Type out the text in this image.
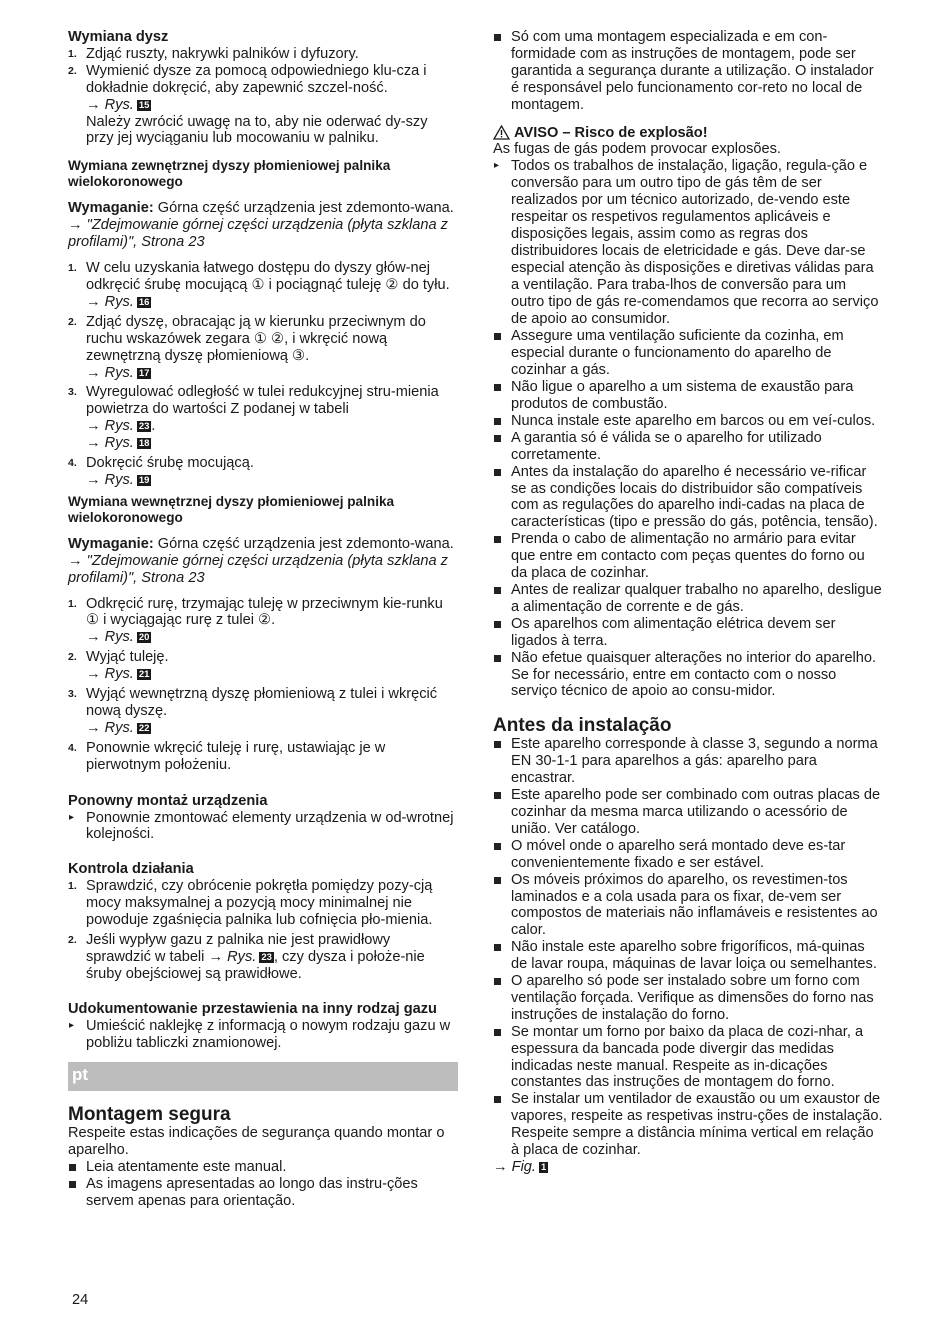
Wymiana dysz

1. Zdjąć ruszty, nakrywki palników i dyfuzory.
2. Wymienić dysze za pomocą odpowiedniego klu-cza i dokładnie dokręcić, aby zapewnić szczel-ność.
→ Rys. 15
Należy zwrócić uwagę na to, aby nie oderwać dy-szy przy jej wyciąganiu lub mocowaniu w palniku.

Wymiana zewnętrznej dyszy płomieniowej palnika wielokoronowego

Wymaganie: Górna część urządzenia jest zdemonto-wana. → "Zdejmowanie górnej części urządzenia (płyta szklana z profilami)", Strona 23

1. W celu uzyskania łatwego dostępu do dyszy głów-nej odkręcić śrubę mocującą ① i pociągnąć tuleję ② do tyłu.
→ Rys. 16
2. Zdjąć dyszę, obracając ją w kierunku przeciwnym do ruchu wskazówek zegara ① ②, i wkręcić nową zewnętrzną dyszę płomieniową ③.
→ Rys. 17
3. Wyregulować odległość w tulei redukcyjnej stru-mienia powietrza do wartości Z podanej w tabeli
→ Rys. 23 .
→ Rys. 18
4. Dokręcić śrubę mocującą.
→ Rys. 19

Wymiana wewnętrznej dyszy płomieniowej palnika wielokoronowego

Wymaganie: Górna część urządzenia jest zdemonto-wana. → "Zdejmowanie górnej części urządzenia (płyta szklana z profilami)", Strona 23

1. Odkręcić rurę, trzymając tuleję w przeciwnym kie-runku ① i wyciągając rurę z tulei ②.
→ Rys. 20
2. Wyjąć tuleję.
→ Rys. 21
3. Wyjąć wewnętrzną dyszę płomieniową z tulei i wkręcić nową dyszę.
→ Rys. 22
4. Ponownie wkręcić tuleję i rurę, ustawiając je w pierwotnym położeniu.

Ponowny montaż urządzenia

▸ Ponownie zmontować elementy urządzenia w od-wrotnej kolejności.

Kontrola działania

1. Sprawdzić, czy obrócenie pokrętła pomiędzy pozy-cją mocy maksymalnej a pozycją mocy minimalnej nie powoduje zgaśnięcia palnika lub cofnięcia pło-mienia.
2. Jeśli wypływ gazu z palnika nie jest prawidłowy sprawdzić w tabeli → Rys. 23 , czy dysza i położe-nie śruby obejściowej są prawidłowe.

Udokumentowanie przestawienia na inny rodzaj gazu

▸ Umieścić naklejkę z informacją o nowym rodzaju gazu w pobliżu tabliczki znamionowej.
pt

Montagem segura

Respeite estas indicações de segurança quando montar o aparelho.

Leia atentamente este manual.
As imagens apresentadas ao longo das instru-ções servem apenas para orientação.
Só com uma montagem especializada e em con-formidade com as instruções de montagem, pode ser garantida a segurança durante a utilização. O instalador é responsável pelo funcionamento cor-reto no local de montagem.

AVISO – Risco de explosão!

As fugas de gás podem provocar explosões.

▸ Todos os trabalhos de instalação, ligação, regula-ção e conversão para um outro tipo de gás têm de ser realizados por um técnico autorizado, de-vendo este respeitar os respetivos regulamentos aplicáveis e disposições legais, assim como as regras dos distribuidores locais de eletricidade e gás. Deve dar-se especial atenção às disposições e diretivas válidas para a ventilação. Para traba-lhos de conversão para um outro tipo de gás re-comendamos que recorra ao serviço de apoio ao consumidor.
Assegure uma ventilação suficiente da cozinha, em especial durante o funcionamento do aparelho de cozinhar a gás.
Não ligue o aparelho a um sistema de exaustão para produtos de combustão.
Nunca instale este aparelho em barcos ou em veí-culos.
A garantia só é válida se o aparelho for utilizado corretamente.
Antes da instalação do aparelho é necessário ve-rificar se as condições locais do distribuidor são compatíveis com as regulações do aparelho indi-cadas na placa de características (tipo e pressão do gás, potência, tensão).
Prenda o cabo de alimentação no armário para evitar que entre em contacto com peças quentes do forno ou da placa de cozinhar.
Antes de realizar qualquer trabalho no aparelho, desligue a alimentação de corrente e de gás.
Os aparelhos com alimentação elétrica devem ser ligados à terra.
Não efetue quaisquer alterações no interior do aparelho. Se for necessário, entre em contacto com o nosso serviço técnico de apoio ao consu-midor.

Antes da instalação

Este aparelho corresponde à classe 3, segundo a norma EN 30-1-1 para aparelhos a gás: aparelho para encastrar.
Este aparelho pode ser combinado com outras placas de cozinhar da mesma marca utilizando o acessório de união. Ver catálogo.
O móvel onde o aparelho será montado deve es-tar convenientemente fixado e ser estável.
Os móveis próximos do aparelho, os revestimen-tos laminados e a cola usada para os fixar, de-vem ser compostos de materiais não inflamáveis e resistentes ao calor.
Não instale este aparelho sobre frigoríficos, má-quinas de lavar roupa, máquinas de lavar loiça ou semelhantes.
O aparelho só pode ser instalado sobre um forno com ventilação forçada. Verifique as dimensões do forno nas instruções de instalação do forno.
Se montar um forno por baixo da placa de cozi-nhar, a espessura da bancada pode divergir das medidas indicadas neste manual. Respeite as in-dicações constantes das instruções de montagem do forno.
Se instalar um ventilador de exaustão ou um exaustor de vapores, respeite as respetivas instru-ções de instalação. Respeite sempre a distância mínima vertical em relação à placa de cozinhar.
→ Fig. 1
24
